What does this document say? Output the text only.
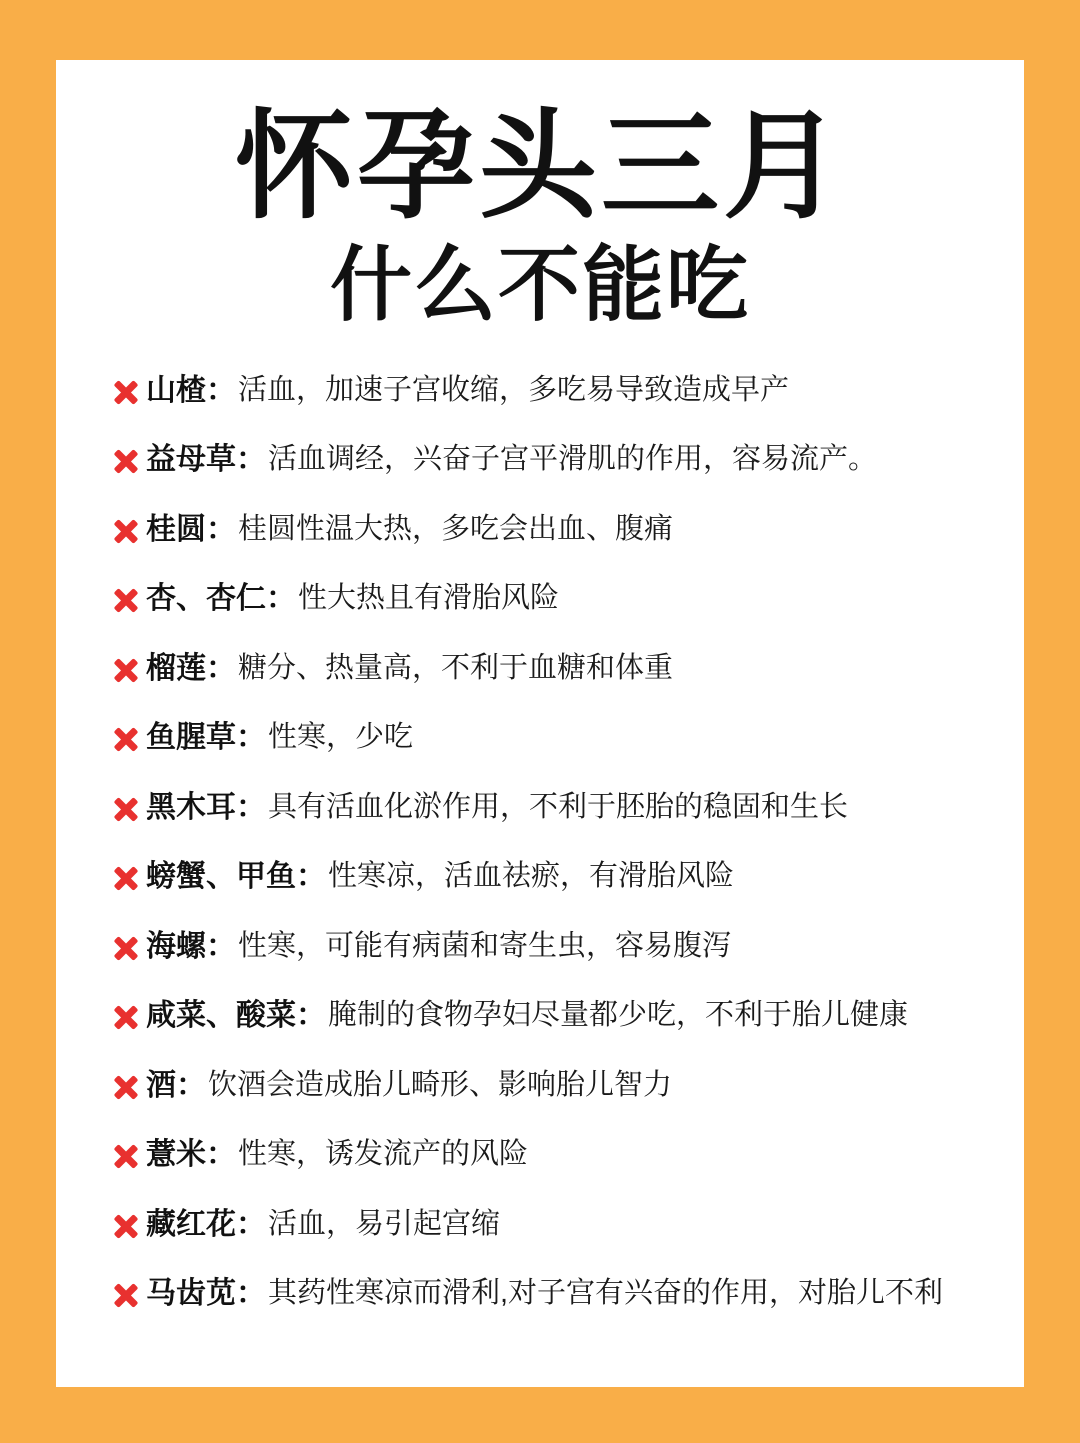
怀孕头三月
什么不能吃
山楂： 活血，加速子宫收缩，多吃易导致造成早产
益母草： 活血调经，兴奋子宫平滑肌的作用，容易流产。
桂圆： 桂圆性温大热，多吃会出血、腹痛
杏、杏仁： 性大热且有滑胎风险
榴莲： 糖分、热量高，不利于血糖和体重
鱼腥草： 性寒，少吃
黑木耳： 具有活血化淤作用，不利于胚胎的稳固和生长
螃蟹、甲鱼： 性寒凉，活血祛瘀，有滑胎风险
海螺： 性寒，可能有病菌和寄生虫，容易腹泻
咸菜、酸菜： 腌制的食物孕妇尽量都少吃，不利于胎儿健康
酒： 饮酒会造成胎儿畸形、影响胎儿智力
薏米： 性寒，诱发流产的风险
藏红花： 活血，易引起宫缩
马齿苋： 其药性寒凉而滑利,对子宫有兴奋的作用，对胎儿不利
